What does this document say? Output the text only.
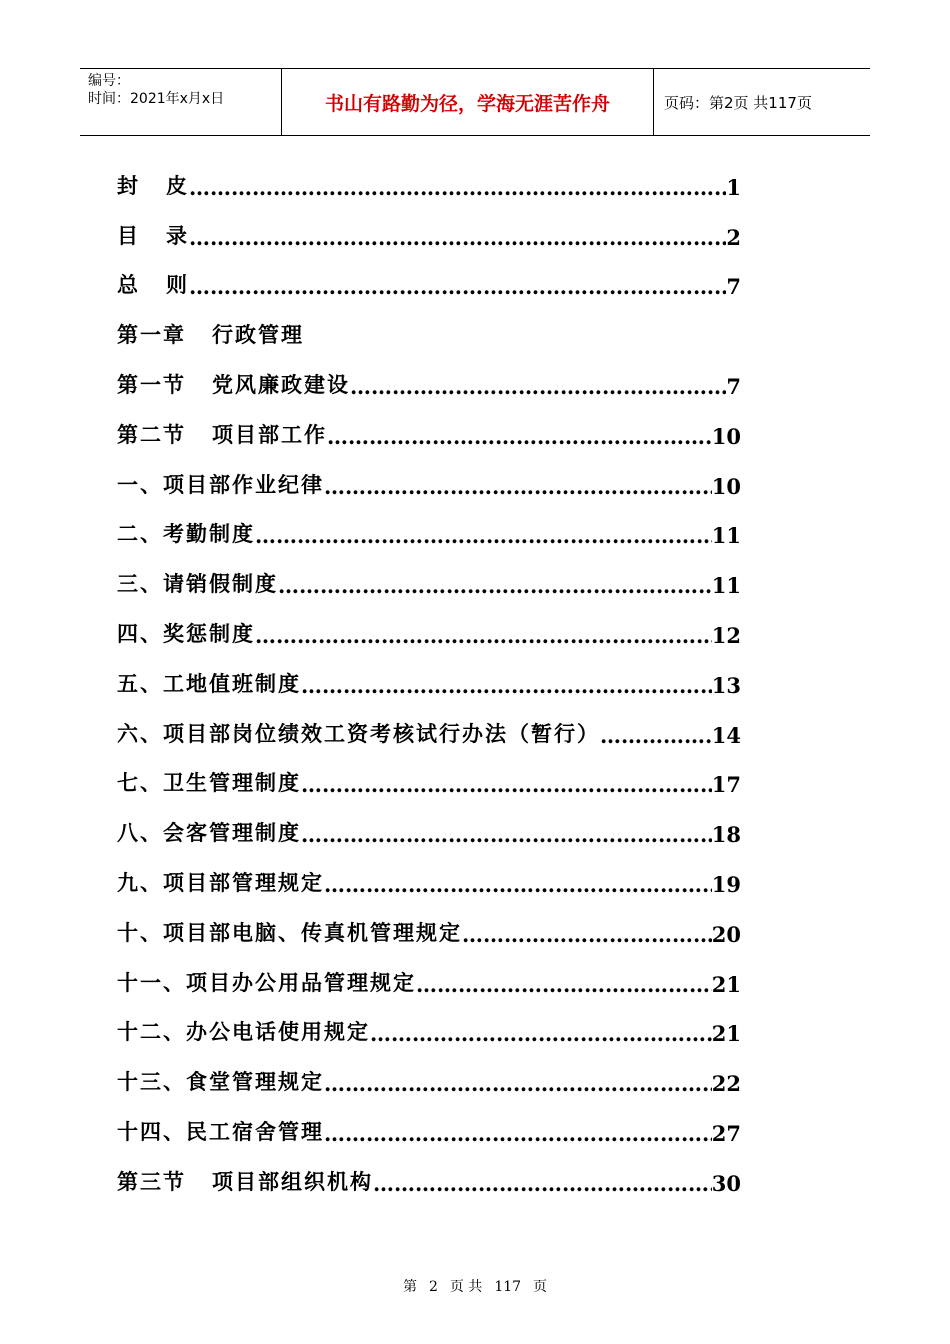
编号：
时间：2021年x月x日	书山有路勤为径，学海无涯苦作舟	页码：第2页 共117页
封 皮 …………………………………………………………………………………………………………………………	1
目 录 …………………………………………………………………………………………………………………………	2
总 则 …………………………………………………………………………………………………………………………	7
第一章 行政管理
第一节 党风廉政建设 …………………………………………………………………………………………………………………………	7
第二节 项目部工作 …………………………………………………………………………………………………………………………	10
一、项目部作业纪律 …………………………………………………………………………………………………………………………	10
二、考勤制度 …………………………………………………………………………………………………………………………	11
三、请销假制度 …………………………………………………………………………………………………………………………	11
四、奖惩制度 …………………………………………………………………………………………………………………………	12
五、工地值班制度 …………………………………………………………………………………………………………………………	13
六、项目部岗位绩效工资考核试行办法（暂行） …………………………………………………………………………………………………………………………	14
七、卫生管理制度 …………………………………………………………………………………………………………………………	17
八、会客管理制度 …………………………………………………………………………………………………………………………	18
九、项目部管理规定 …………………………………………………………………………………………………………………………	19
十、项目部电脑、传真机管理规定 …………………………………………………………………………………………………………………………	20
十一、项目办公用品管理规定 …………………………………………………………………………………………………………………………	21
十二、办公电话使用规定 …………………………………………………………………………………………………………………………	21
十三、食堂管理规定 …………………………………………………………………………………………………………………………	22
十四、民工宿舍管理 …………………………………………………………………………………………………………………………	27
第三节 项目部组织机构 …………………………………………………………………………………………………………………………	30
第 2 页 共 117 页
